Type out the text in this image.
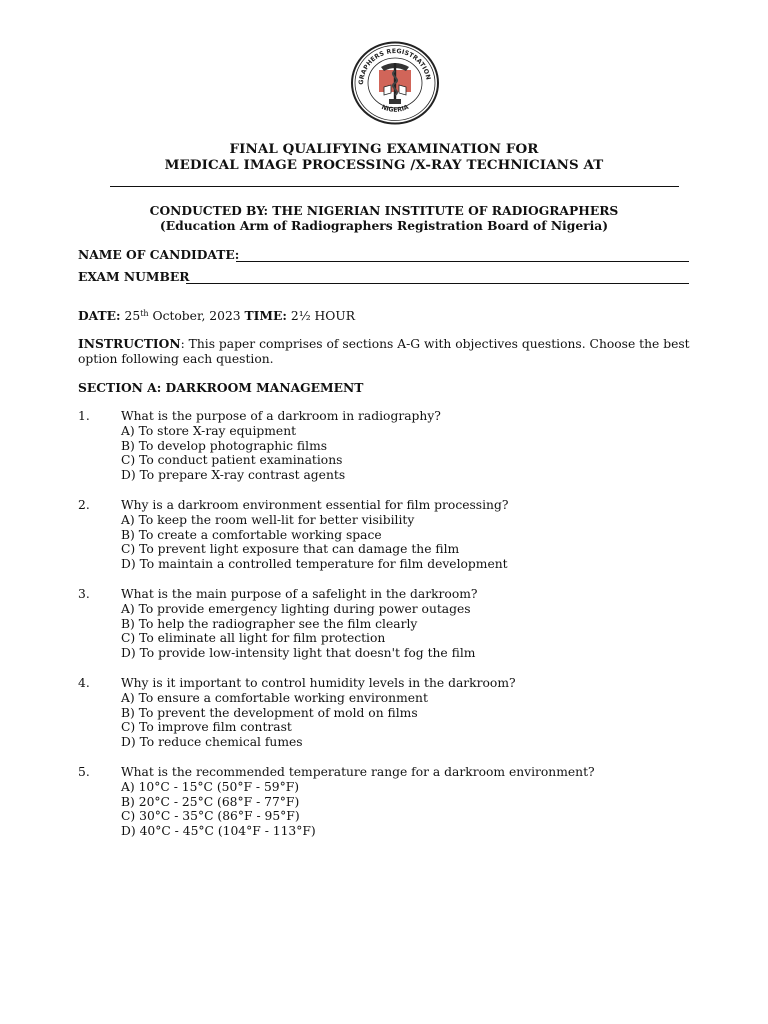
GRAPHERS REGISTRATION
NIGERIA
FINAL QUALIFYING EXAMINATION FOR
MEDICAL IMAGE PROCESSING /X-RAY TECHNICIANS AT
CONDUCTED BY: THE NIGERIAN INSTITUTE OF RADIOGRAPHERS
(Education Arm of Radiographers Registration Board of Nigeria)
NAME OF CANDIDATE:
EXAM NUMBER
DATE: 25th October, 2023 TIME: 2½ HOUR
INSTRUCTION: This paper comprises of sections A-G with objectives questions. Choose the best option following each question.
SECTION A: DARKROOM MANAGEMENT
1.	What is the purpose of a darkroom in radiography?
A) To store X-ray equipment
B) To develop photographic films
C) To conduct patient examinations
D) To prepare X-ray contrast agents
2.	Why is a darkroom environment essential for film processing?
A) To keep the room well-lit for better visibility
B) To create a comfortable working space
C) To prevent light exposure that can damage the film
D) To maintain a controlled temperature for film development
3.	What is the main purpose of a safelight in the darkroom?
A) To provide emergency lighting during power outages
B) To help the radiographer see the film clearly
C) To eliminate all light for film protection
D) To provide low-intensity light that doesn't fog the film
4.	Why is it important to control humidity levels in the darkroom?
A) To ensure a comfortable working environment
B) To prevent the development of mold on films
C) To improve film contrast
D) To reduce chemical fumes
5.	What is the recommended temperature range for a darkroom environment?
A) 10°C - 15°C (50°F - 59°F)
B) 20°C - 25°C (68°F - 77°F)
C) 30°C - 35°C (86°F - 95°F)
D) 40°C - 45°C (104°F - 113°F)
